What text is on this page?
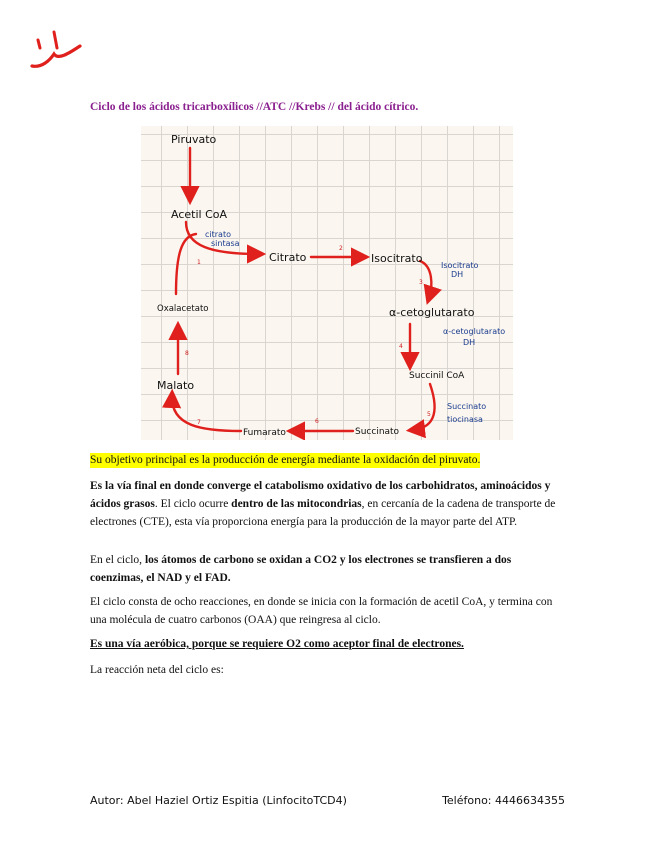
Ciclo de los ácidos tricarboxílicos //ATC //Krebs // del ácido cítrico.
Piruvato
Acetil CoA
Citrato	Isocitrato
α-cetoglutarato
Succinil CoA
Succinato
Fumarato
Malato
Oxalacetato
citrato
sintasa
Isocitrato
DH
α-cetoglutarato
DH
Succinato
tiocinasa
1
2
3
4
5
6
7
8
Su objetivo principal es la producción de energía mediante la oxidación del piruvato.
Es la vía final en donde converge el catabolismo oxidativo de los carbohidratos, aminoácidos y ácidos grasos. El ciclo ocurre dentro de las mitocondrias, en cercanía de la cadena de transporte de electrones (CTE), esta vía proporciona energía para la producción de la mayor parte del ATP.
En el ciclo, los átomos de carbono se oxidan a CO2 y los electrones se transfieren a dos coenzimas, el NAD y el FAD.
El ciclo consta de ocho reacciones, en donde se inicia con la formación de acetil CoA, y termina con una molécula de cuatro carbonos (OAA) que reingresa al ciclo.
Es una vía aeróbica, porque se requiere O2 como aceptor final de electrones.
La reacción neta del ciclo es:
Autor: Abel Haziel Ortiz Espitia (LinfocitoTCD4)	Teléfono: 4446634355
